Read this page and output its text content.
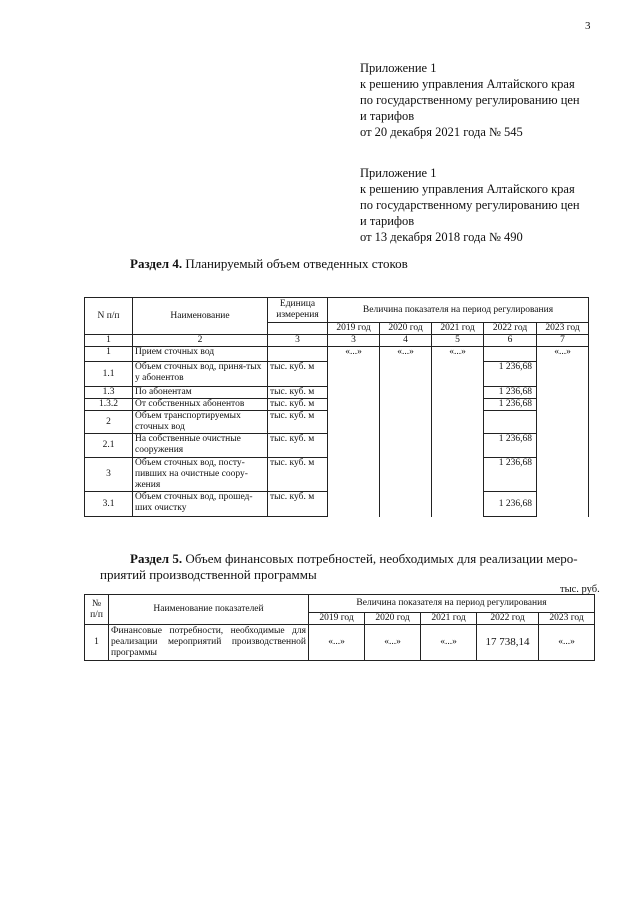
3
Приложение 1
к решению управления Алтайского края
по государственному регулированию цен
и тарифов
от 20 декабря 2021 года № 545
Приложение 1
к решению управления Алтайского края
по государственному регулированию цен
и тарифов
от 13 декабря 2018 года № 490
Раздел 4. Планируемый объем отведенных стоков
N п/п	Наименование	Единица измерения	Величина показателя на период регулирования				
			2019 год	2020 год	2021 год	2022 год	2023 год
1	2	3	3	4	5	6	7
1	Прием сточных вод		«...»	«...»	«...»		«...»
1.1	Объем сточных вод, приня-тых у абонентов	тыс. куб. м				1 236,68	
1.3	По абонентам	тыс. куб. м				1 236,68	
1.3.2	От собственных абонентов	тыс. куб. м				1 236,68	
2	Объем транспортируемых сточных вод	тыс. куб. м					
2.1	На собственные очистные сооружения	тыс. куб. м				1 236,68	
3	Объем сточных вод, посту-пивших на очистные соору-жения	тыс. куб. м				1 236,68	
3.1	Объем сточных вод, прошед-ших очистку	тыс. куб. м				1 236,68	
Раздел 5. Объем финансовых потребностей, необходимых для реализации меро-
приятий производственной программы
тыс. руб.
№ п/п	Наименование показателей	Величина показателя на период регулирования				
		2019 год	2020 год	2021 год	2022 год	2023 год
1	Финансовые потребности, необходимые для реализации мероприятий производственной программы	«...»	«...»	«...»	17 738,14	«...»
